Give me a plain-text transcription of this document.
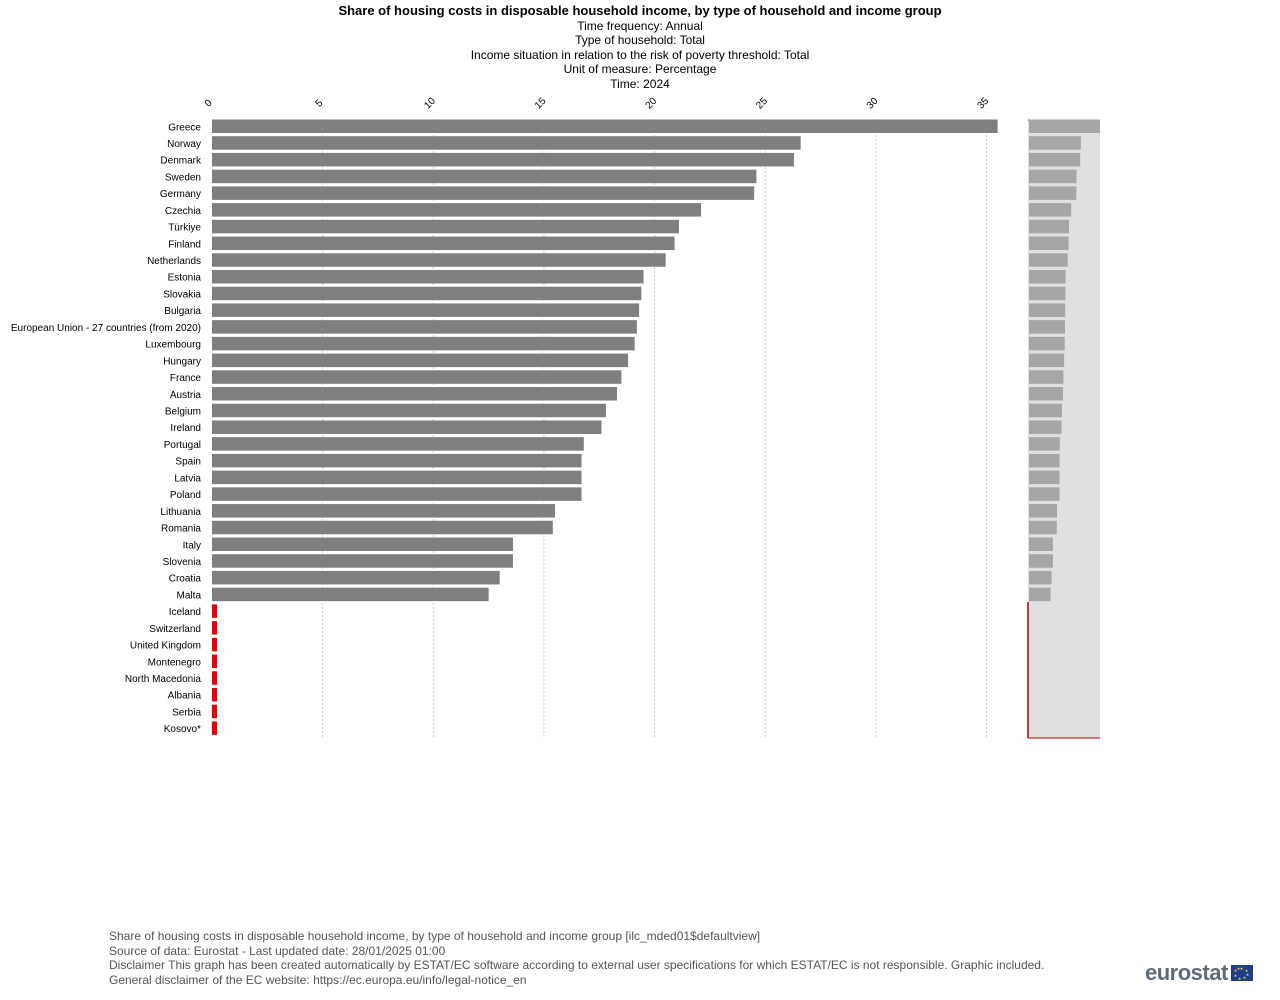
Share of housing costs in disposable household income, by type of household and income group
Time frequency: Annual
Type of household: Total
Income situation in relation to the risk of poverty threshold: Total
Unit of measure: Percentage
Time: 2024
0	5	10	15	20	25	30	35
Greece
Norway
Denmark
Sweden
Germany
Czechia
Türkiye
Finland
Netherlands
Estonia
Slovakia
Bulgaria
European Union - 27 countries (from 2020)
Luxembourg
Hungary
France
Austria
Belgium
Ireland
Portugal
Spain
Latvia
Poland
Lithuania
Romania
Italy
Slovenia
Croatia
Malta
Iceland
Switzerland
United Kingdom
Montenegro
North Macedonia
Albania
Serbia
Kosovo*
Share of housing costs in disposable household income, by type of household and income group [ilc_mded01$defaultview]
Source of data: Eurostat - Last updated date: 28/01/2025 01:00
Disclaimer This graph has been created automatically by ESTAT/EC software according to external user specifications for which ESTAT/EC is not responsible. Graphic included.
General disclaimer of the EC website: https://ec.europa.eu/info/legal-notice_en	eurostat	★ ★
★
★
★
★
★ ★
